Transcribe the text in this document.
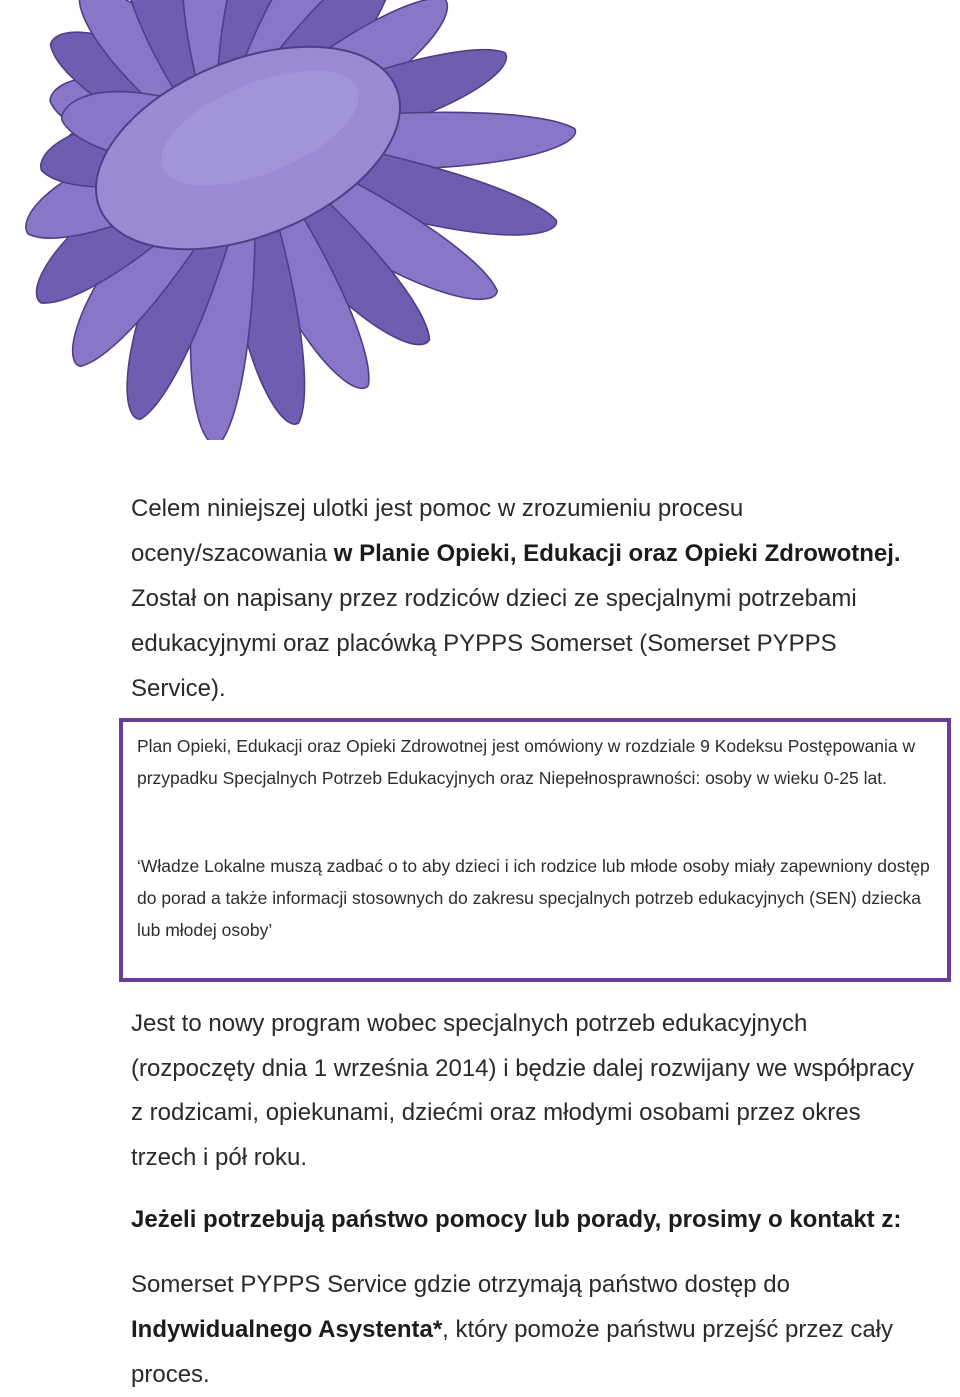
Celem niniejszej ulotki jest pomoc w zrozumieniu procesu oceny/szacowania w Planie Opieki, Edukacji oraz Opieki Zdrowotnej. Został on napisany przez rodziców dzieci ze specjalnymi potrzebami edukacyjnymi oraz placówką PYPPS Somerset (Somerset PYPPS Service).

Plan Opieki, Edukacji oraz Opieki Zdrowotnej jest omówiony w rozdziale 9 Kodeksu Postępowania w przypadku Specjalnych Potrzeb Edukacyjnych oraz Niepełnosprawności: osoby w wieku 0-25 lat.

‘Władze Lokalne muszą zadbać o to aby dzieci i ich rodzice lub młode osoby miały zapewniony dostęp do porad a także informacji stosownych do zakresu specjalnych potrzeb edukacyjnych (SEN) dziecka lub młodej osoby’

Jest to nowy program wobec specjalnych potrzeb edukacyjnych (rozpoczęty dnia 1 września 2014) i będzie dalej rozwijany we współpracy z rodzicami, opiekunami, dziećmi oraz młodymi osobami przez okres trzech i pół roku.

Jeżeli potrzebują państwo pomocy lub porady, prosimy o kontakt z:

Somerset PYPPS Service gdzie otrzymają państwo dostęp do Indywidualnego Asystenta*, który pomoże państwu przejść przez cały proces.
